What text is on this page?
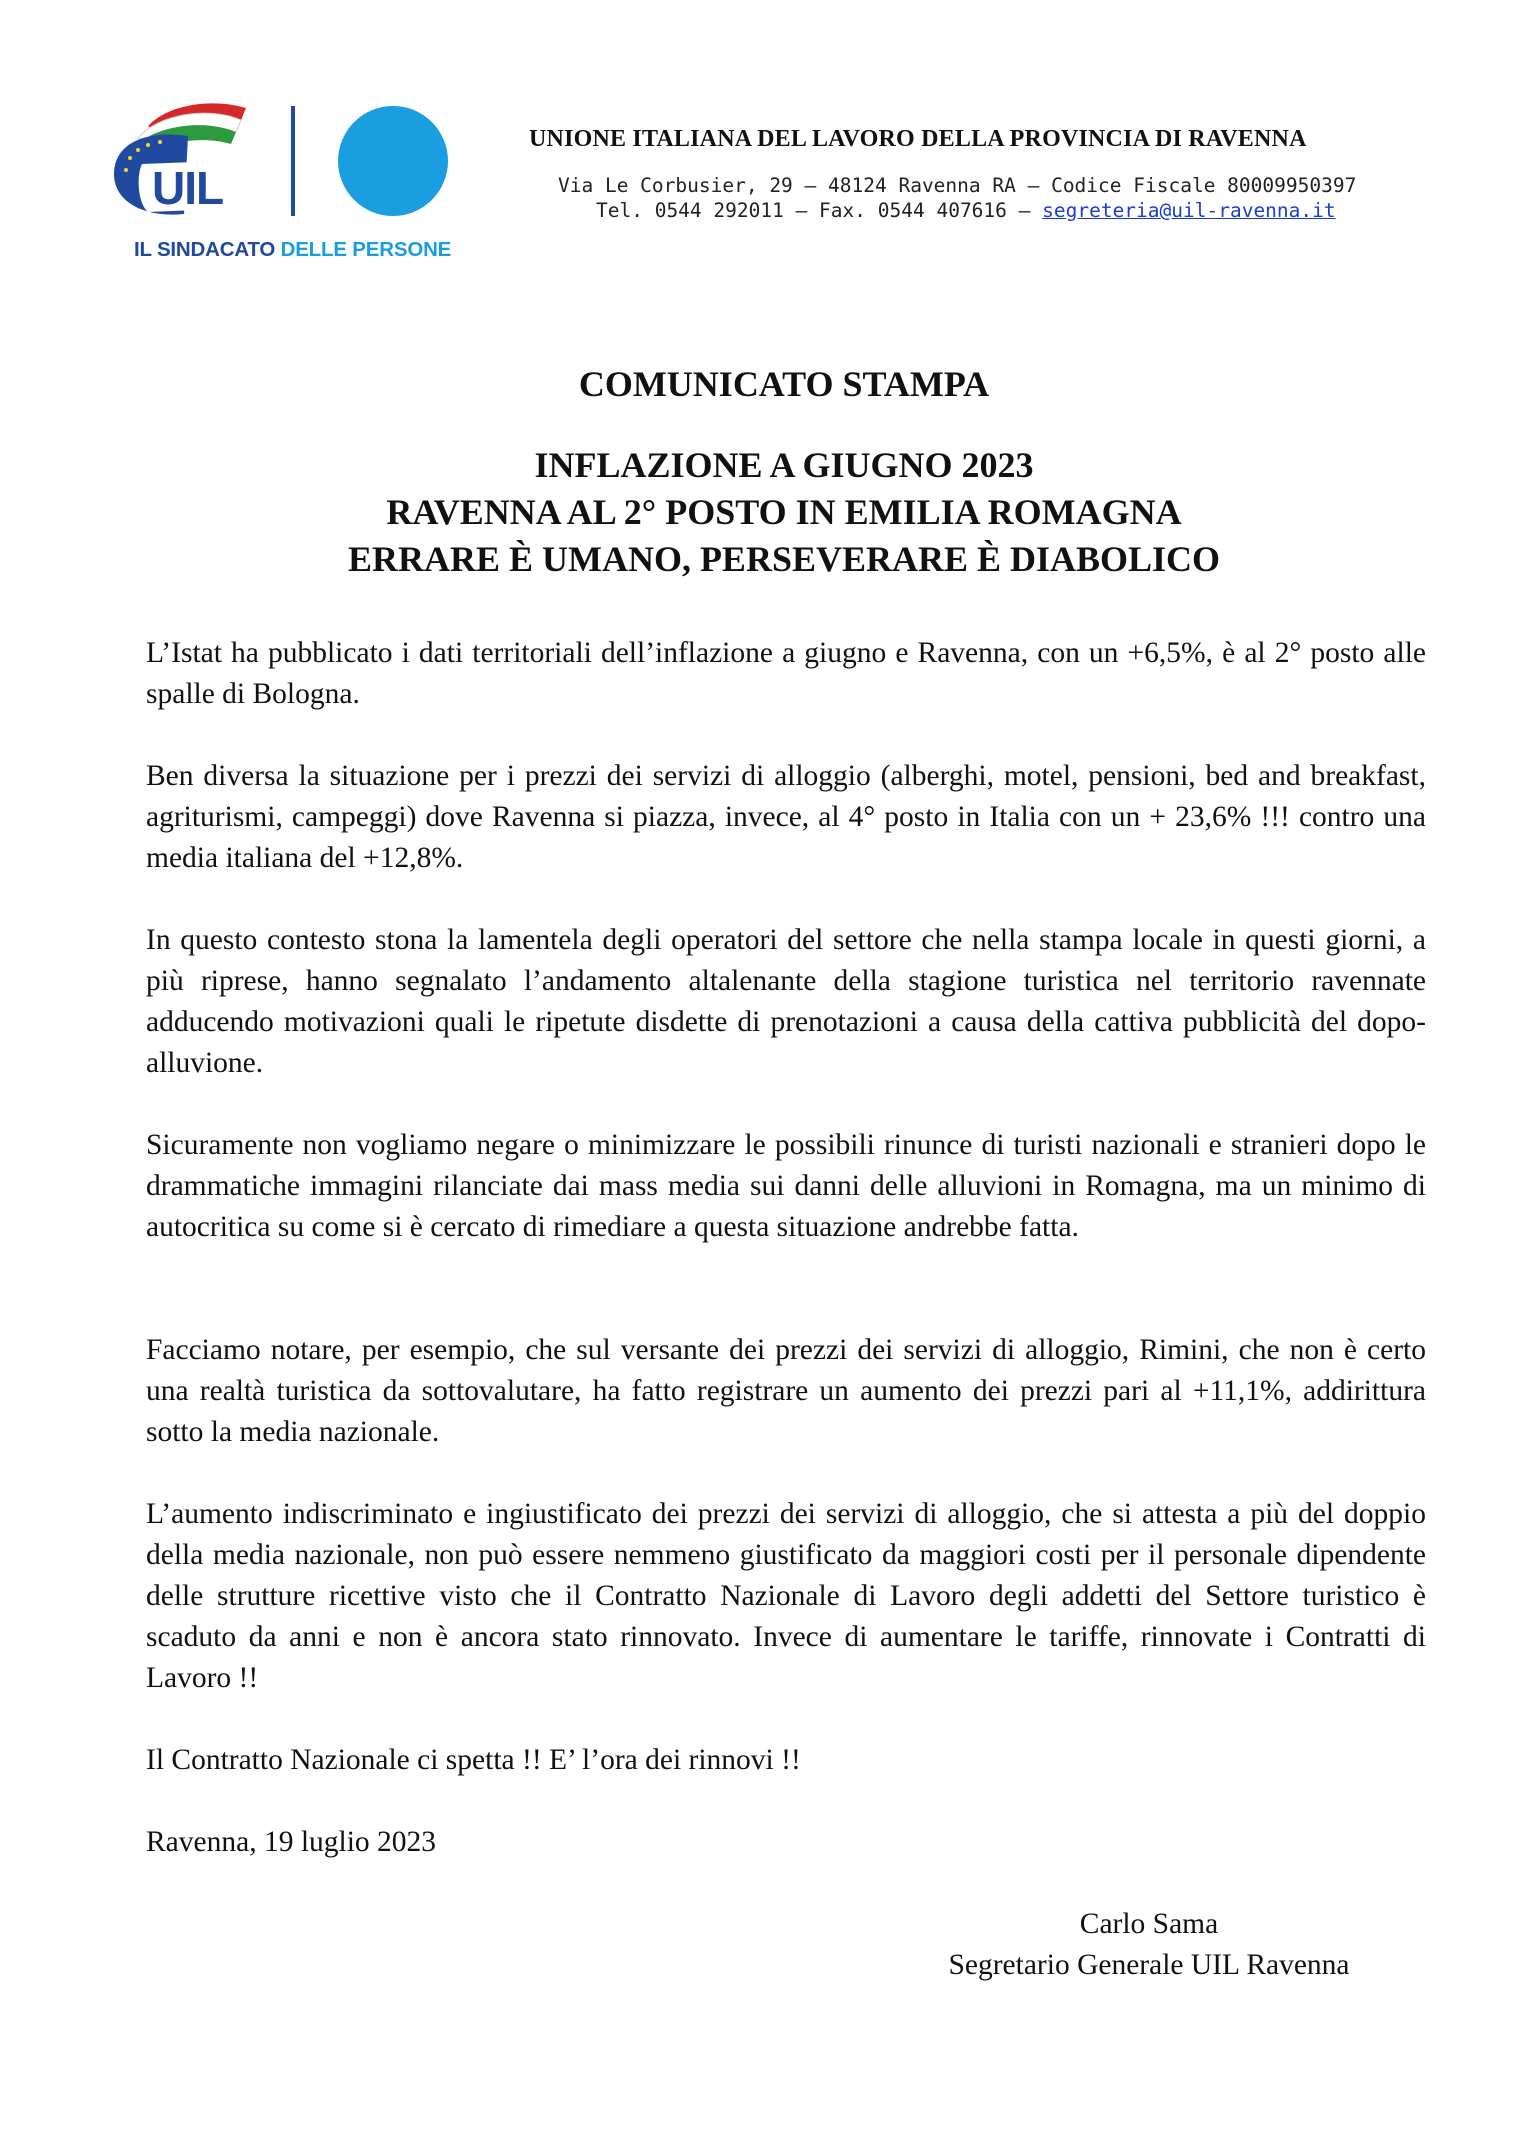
UIL
IL SINDACATO DELLE PERSONE
UNIONE ITALIANA DEL LAVORO DELLA PROVINCIA DI RAVENNA
Via Le Corbusier, 29 – 48124 Ravenna RA – Codice Fiscale 80009950397
Tel. 0544 292011 – Fax. 0544 407616 – segreteria@uil-ravenna.it
COMUNICATO STAMPA
INFLAZIONE A GIUGNO 2023
RAVENNA AL 2° POSTO IN EMILIA ROMAGNA
ERRARE È UMANO, PERSEVERARE È DIABOLICO
L’Istat ha pubblicato i dati territoriali dell’inflazione a giugno e Ravenna, con un +6,5%, è al 2° posto alle spalle di Bologna.
Ben diversa la situazione per i prezzi dei servizi di alloggio (alberghi, motel, pensioni, bed and breakfast, agriturismi, campeggi) dove Ravenna si piazza, invece, al 4° posto in Italia con un + 23,6% !!! contro una media italiana del +12,8%.
In questo contesto stona la lamentela degli operatori del settore che nella stampa locale in questi giorni, a più riprese, hanno segnalato l’andamento altalenante della stagione turistica nel territorio ravennate adducendo motivazioni quali le ripetute disdette di prenotazioni a causa della cattiva pubblicità del dopo-alluvione.
Sicuramente non vogliamo negare o minimizzare le possibili rinunce di turisti nazionali e stranieri dopo le drammatiche immagini rilanciate dai mass media sui danni delle alluvioni in Romagna, ma un minimo di autocritica su come si è cercato di rimediare a questa situazione andrebbe fatta.
Facciamo notare, per esempio, che sul versante dei prezzi dei servizi di alloggio, Rimini, che non è certo una realtà turistica da sottovalutare, ha fatto registrare un aumento dei prezzi pari al +11,1%, addirittura sotto la media nazionale.
L’aumento indiscriminato e ingiustificato dei prezzi dei servizi di alloggio, che si attesta a più del doppio della media nazionale, non può essere nemmeno giustificato da maggiori costi per il personale dipendente delle strutture ricettive visto che il Contratto Nazionale di Lavoro degli addetti del Settore turistico è scaduto da anni e non è ancora stato rinnovato. Invece di aumentare le tariffe, rinnovate i Contratti di Lavoro !!
Il Contratto Nazionale ci spetta !! E’ l’ora dei rinnovi !!
Ravenna, 19 luglio 2023
Carlo Sama
Segretario Generale UIL Ravenna
